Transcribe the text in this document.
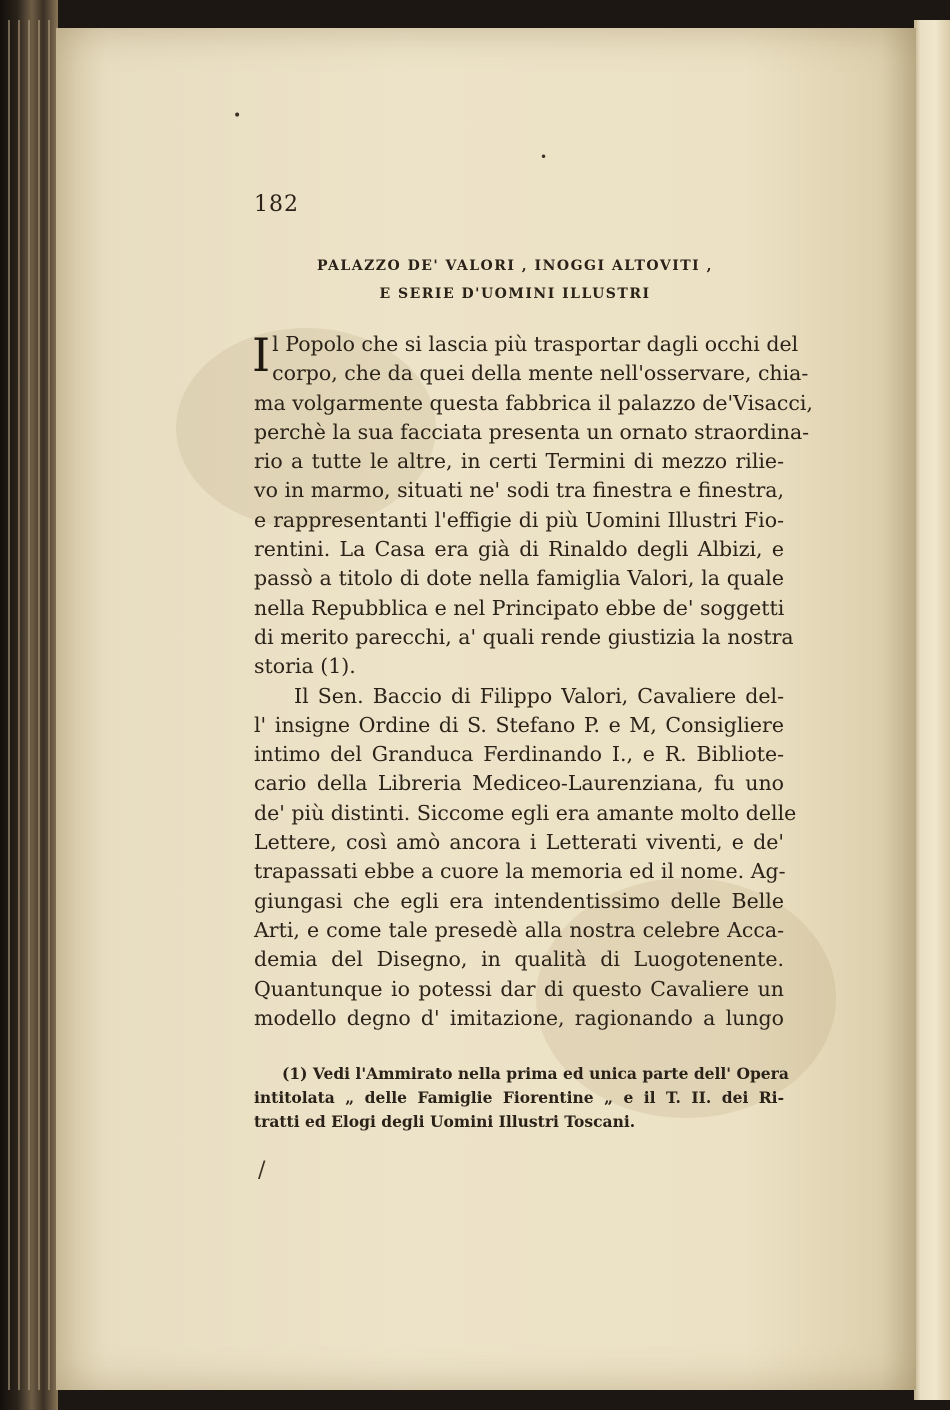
•
•
182
PALAZZO DE' VALORI , INOGGI ALTOVITI ,
E SERIE D'UOMINI ILLUSTRI
Il Popolo che si lascia più trasportar dagli occhi del
corpo, che da quei della mente nell'osservare, chia-
ma volgarmente questa fabbrica il palazzo de'Visacci,
perchè la sua facciata presenta un ornato straordina-
rio a tutte le altre, in certi Termini di mezzo rilie-
vo in marmo, situati ne' sodi tra finestra e finestra,
e rappresentanti l'effigie di più Uomini Illustri Fio-
rentini. La Casa era già di Rinaldo degli Albizi, e
passò a titolo di dote nella famiglia Valori, la quale
nella Repubblica e nel Principato ebbe de' soggetti
di merito parecchi, a' quali rende giustizia la nostra
storia (1).
Il Sen. Baccio di Filippo Valori, Cavaliere del-
l' insigne Ordine di S. Stefano P. e M, Consigliere
intimo del Granduca Ferdinando I., e R. Bibliote-
cario della Libreria Mediceo-Laurenziana, fu uno
de' più distinti. Siccome egli era amante molto delle
Lettere, così amò ancora i Letterati viventi, e de'
trapassati ebbe a cuore la memoria ed il nome. Ag-
giungasi che egli era intendentissimo delle Belle
Arti, e come tale presedè alla nostra celebre Acca-
demia del Disegno, in qualità di Luogotenente.
Quantunque io potessi dar di questo Cavaliere un
modello degno d' imitazione, ragionando a lungo
(1) Vedi l'Ammirato nella prima ed unica parte dell' Opera
intitolata „ delle Famiglie Fiorentine „ e il T. II. dei Ri-
tratti ed Elogi degli Uomini Illustri Toscani.
/
